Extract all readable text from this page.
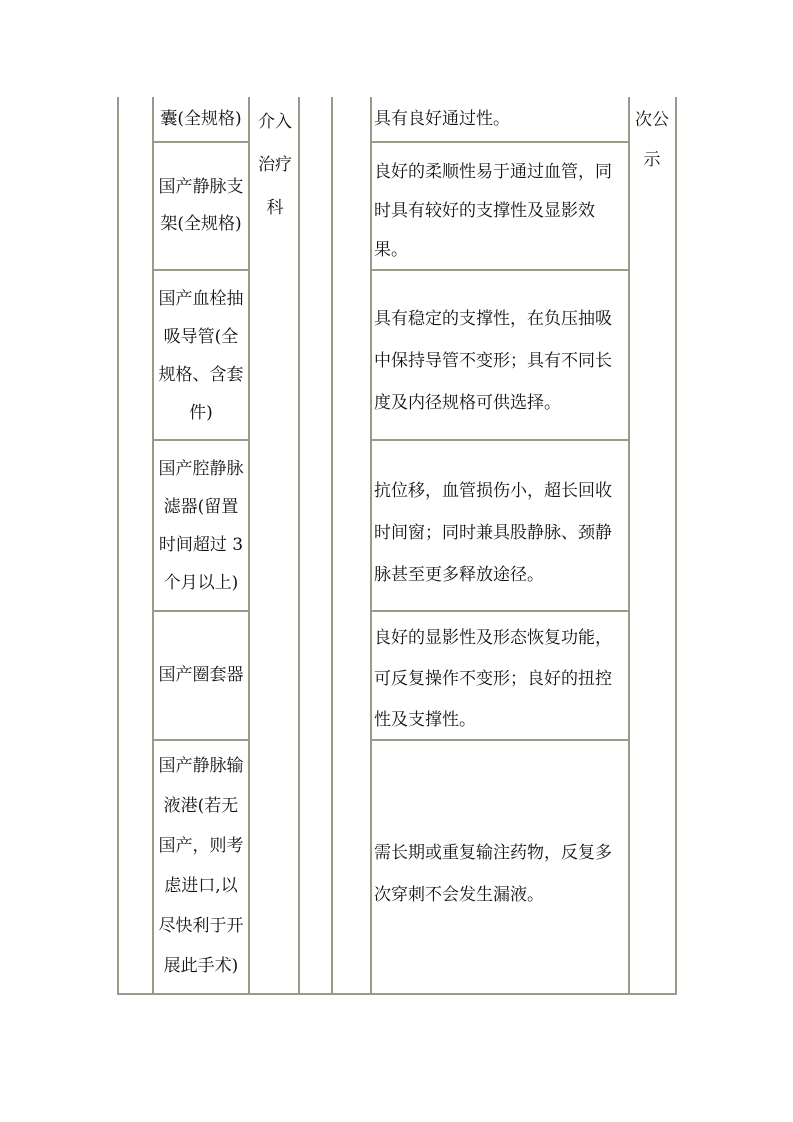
介入
治疗
科
次公
示
囊(全规格)	具有良好通过性。
国产静脉支
架(全规格)
良好的柔顺性易于通过血管，同
时具有较好的支撑性及显影效
果。
国产血栓抽
吸导管(全
规格、含套
件)
具有稳定的支撑性，在负压抽吸
中保持导管不变形；具有不同长
度及内径规格可供选择。
国产腔静脉
滤器(留置
时间超过 3
个月以上)
抗位移，血管损伤小，超长回收
时间窗；同时兼具股静脉、颈静
脉甚至更多释放途径。
国产圈套器
良好的显影性及形态恢复功能，
可反复操作不变形；良好的扭控
性及支撑性。
国产静脉输
液港(若无
国产，则考
虑进口,以
尽快利于开
展此手术)
需长期或重复输注药物，反复多
次穿刺不会发生漏液。
